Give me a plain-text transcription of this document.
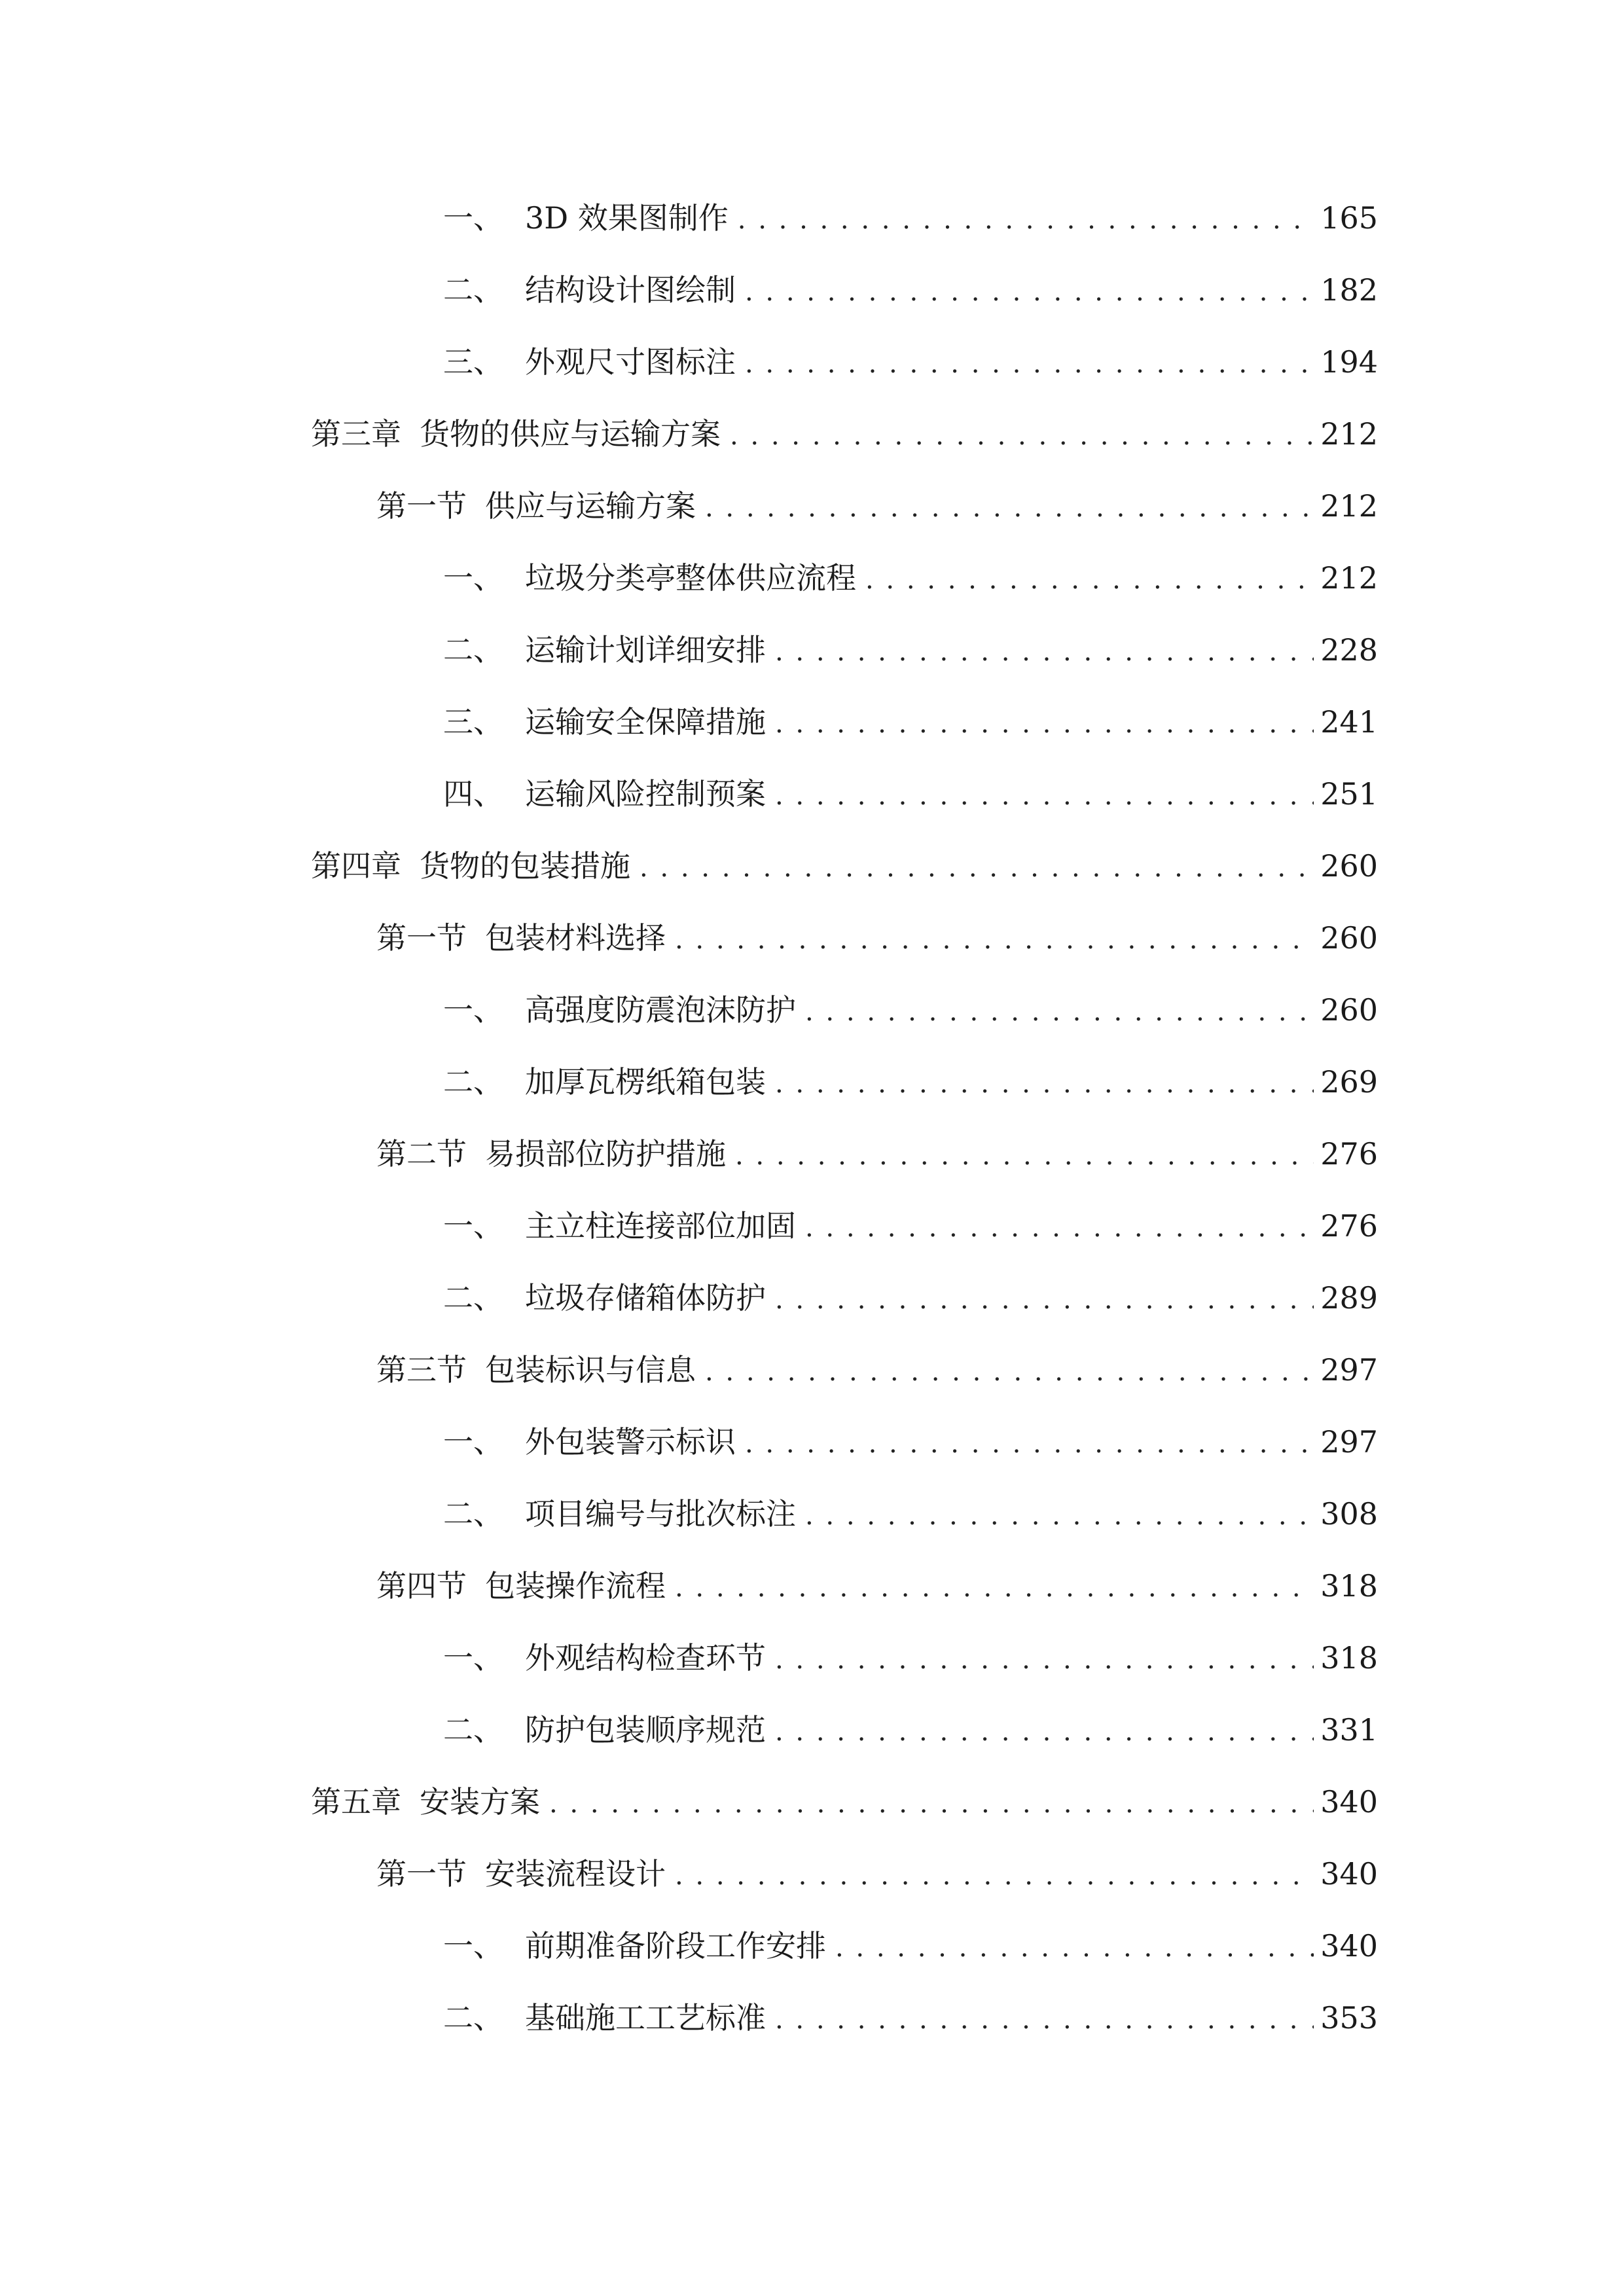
一、 3D 效果图制作 . . .	165
二、 结构设计图绘制 . . .	182
三、 外观尺寸图标注 . . .	194
第三章 货物的供应与运输方案 . . .	212
第一节 供应与运输方案 . . .	212
一、 垃圾分类亭整体供应流程 . . .	212
二、 运输计划详细安排 . . .	228
三、 运输安全保障措施 . . .	241
四、 运输风险控制预案 . . .	251
第四章 货物的包装措施 . . .	260
第一节 包装材料选择 . . .	260
一、 高强度防震泡沫防护 . . .	260
二、 加厚瓦楞纸箱包装 . . .	269
第二节 易损部位防护措施 . . .	276
一、 主立柱连接部位加固 . . .	276
二、 垃圾存储箱体防护 . . .	289
第三节 包装标识与信息 . . .	297
一、 外包装警示标识 . . .	297
二、 项目编号与批次标注 . . .	308
第四节 包装操作流程 . . .	318
一、 外观结构检查环节 . . .	318
二、 防护包装顺序规范 . . .	331
第五章 安装方案 . . .	340
第一节 安装流程设计 . . .	340
一、 前期准备阶段工作安排 . . .	340
二、 基础施工工艺标准 . . .	353
